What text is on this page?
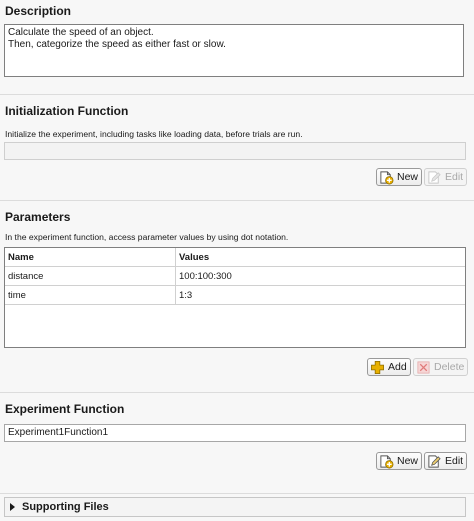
Description
Calculate the speed of an object.
Then, categorize the speed as either fast or slow.
Initialization Function
Initialize the experiment, including tasks like loading data, before trials are run.
New	Edit
Parameters
In the experiment function, access parameter values by using dot notation.
Name	Values
distance	100:100:300
time	1:3
Add	Delete
Experiment Function
Experiment1Function1
New	Edit
Supporting Files
